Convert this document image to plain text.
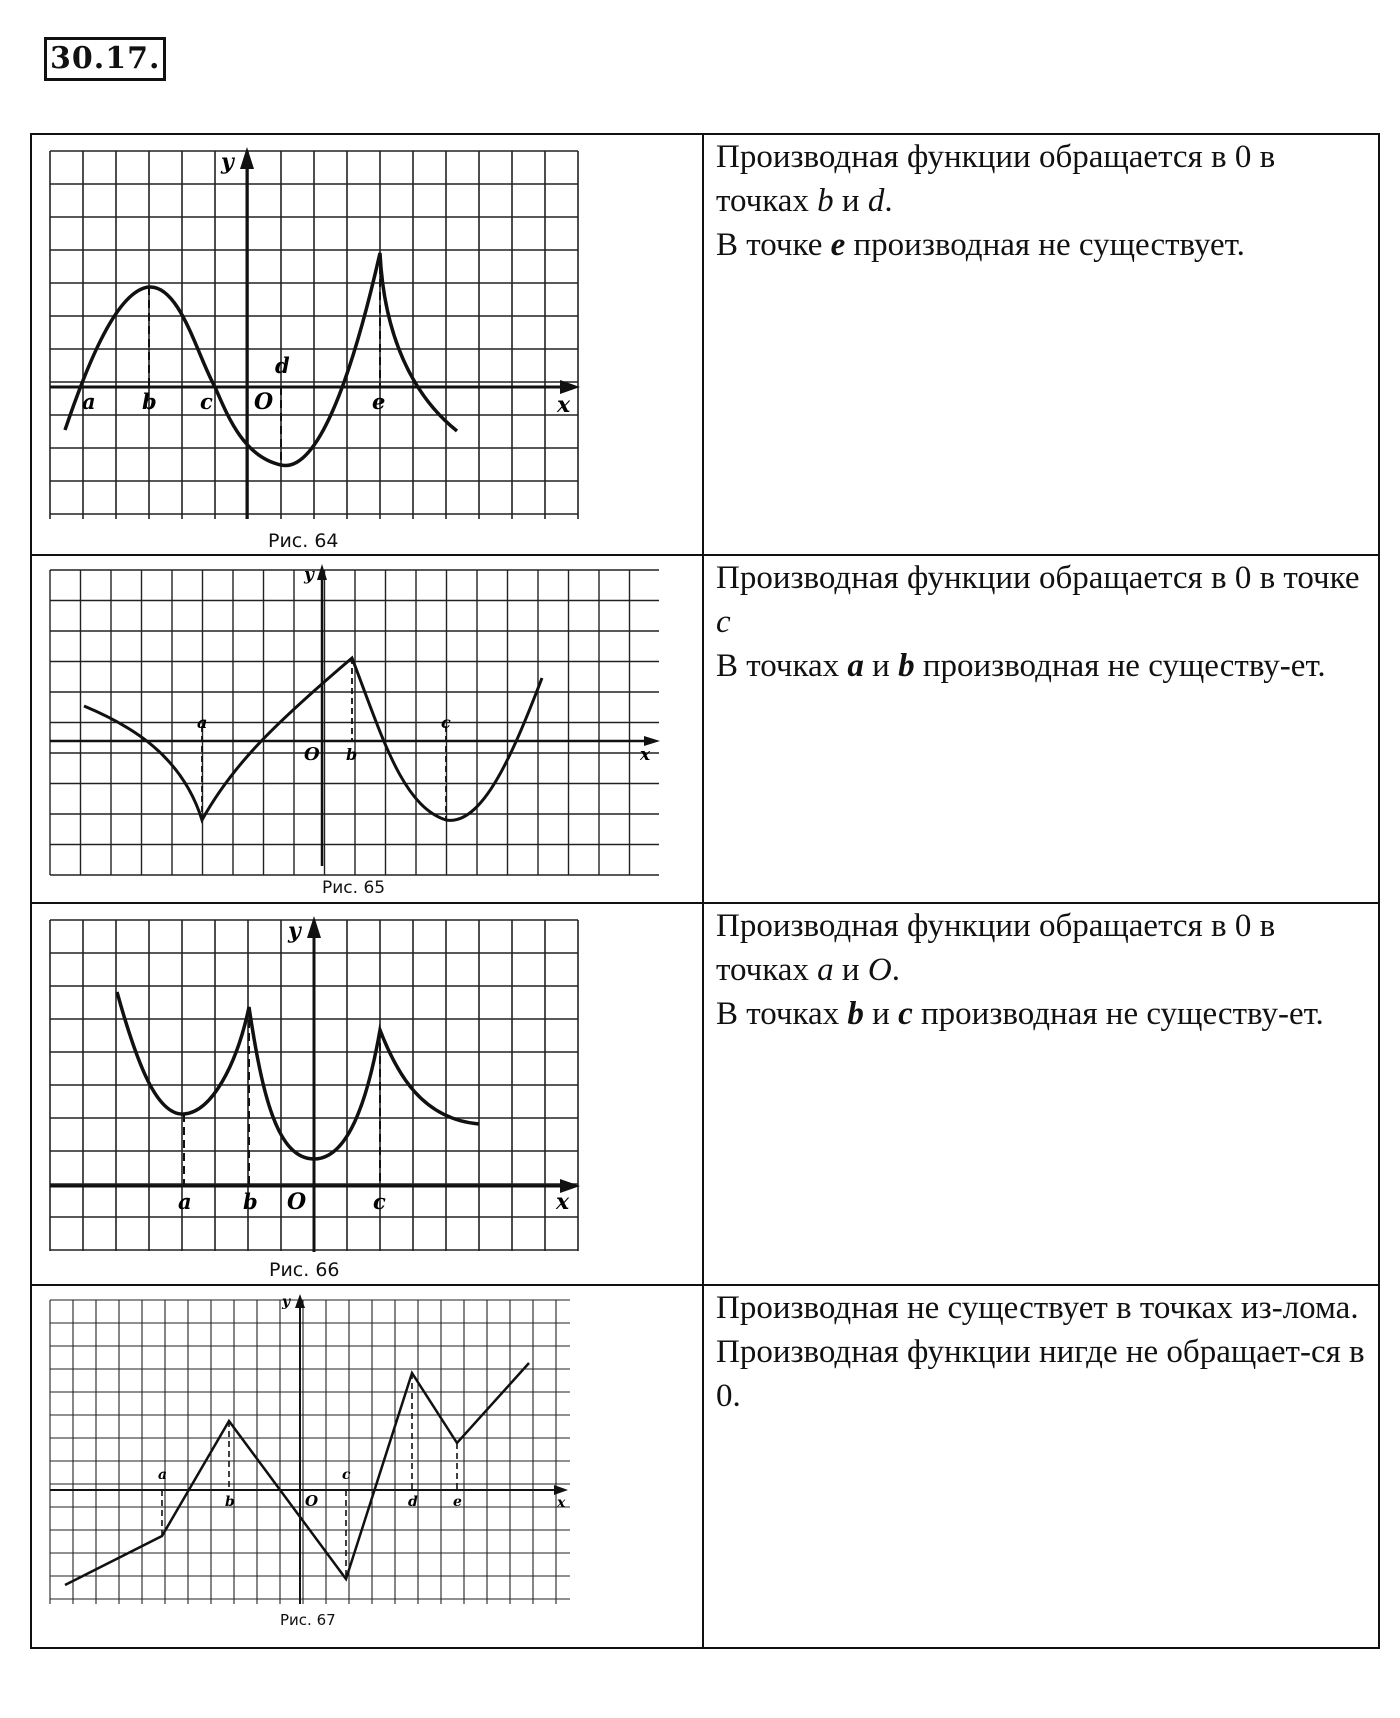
30.17.
y
x
a b c O
d
e
Рис. 64

Производная функции обращается в 0 в точках b и d.

В точке e производная не существует.

y
x
a
O b
c
Рис. 65

Производная функции обращается в 0 в точке c

В точках a и b производная не существу-ет.

y
x
a b O	c
Рис. 66

Производная функции обращается в 0 в точках a и O.

В точках b и c производная не существу-ет.

y
x
a
b	O
c
d	e
Рис. 67

Производная не существует в точках из-лома.

Производная функции нигде не обращает-ся в 0.
